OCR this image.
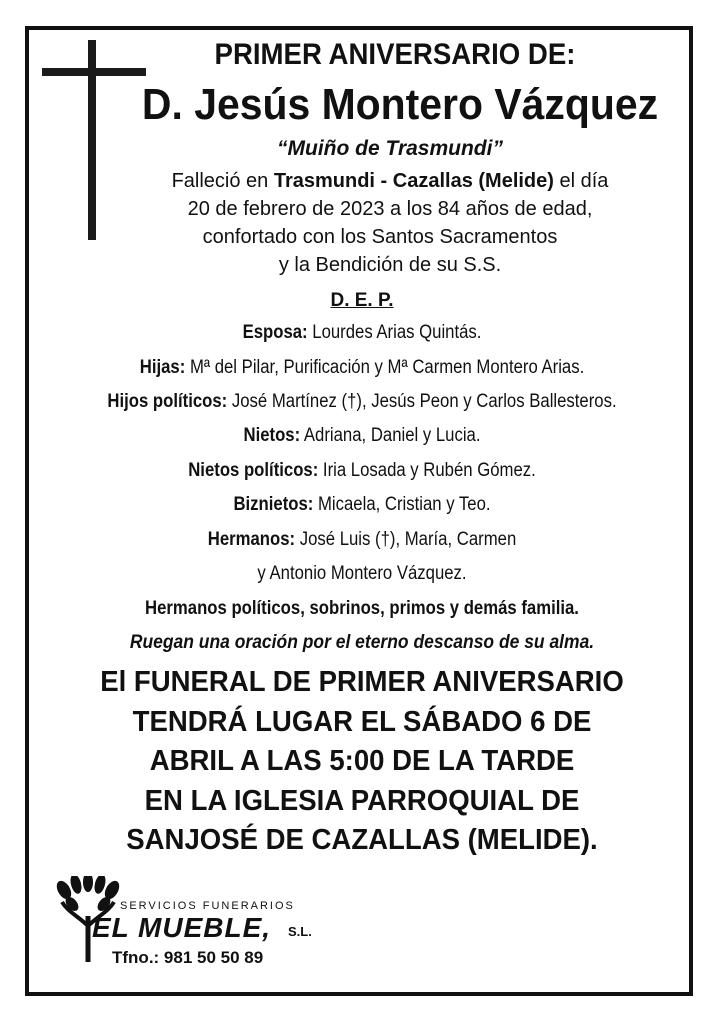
PRIMER ANIVERSARIO DE:
D. Jesús Montero Vázquez
“Muiño de Trasmundi”
Falleció en Trasmundi - Cazallas (Melide) el día
20 de febrero de 2023 a los 84 años de edad,
confortado con los Santos Sacramentos
y la Bendición de su S.S.
D. E. P.
Esposa: Lourdes Arias Quintás.
Hijas: Mª del Pilar, Purificación y Mª Carmen Montero Arias.
Hijos políticos: José Martínez (†), Jesús Peon y Carlos Ballesteros.
Nietos: Adriana, Daniel y Lucia.
Nietos políticos: Iria Losada y Rubén Gómez.
Biznietos: Micaela, Cristian y Teo.
Hermanos: José Luis (†), María, Carmen
y Antonio Montero Vázquez.
Hermanos políticos, sobrinos, primos y demás familia.
Ruegan una oración por el eterno descanso de su alma.
El FUNERAL DE PRIMER ANIVERSARIO
TENDRÁ LUGAR EL SÁBADO 6 DE
ABRIL A LAS 5:00 DE LA TARDE
EN LA IGLESIA PARROQUIAL DE
SANJOSÉ DE CAZALLAS (MELIDE).
SERVICIOS FUNERARIOS
EL MUEBLE, S.L.
Tfno.: 981 50 50 89
